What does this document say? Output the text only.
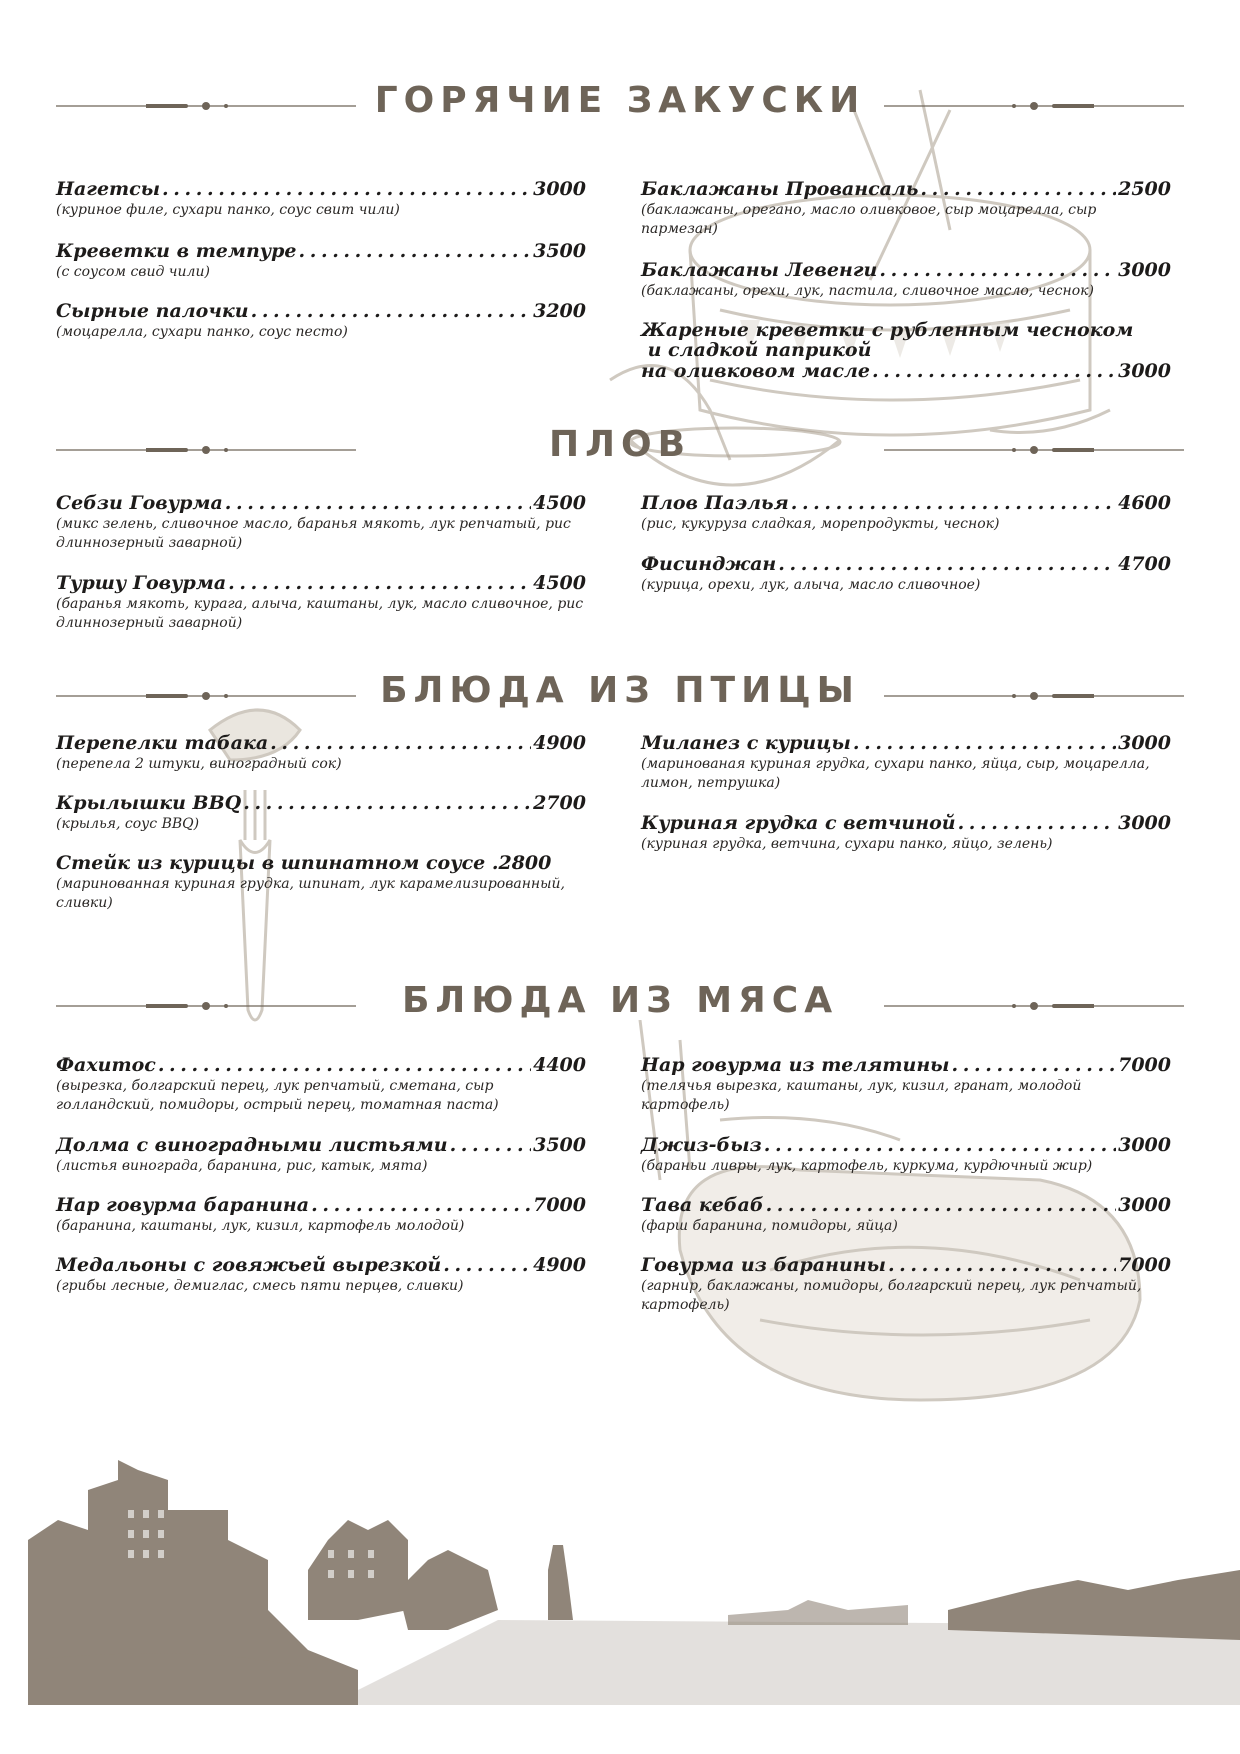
ГОРЯЧИЕ ЗАКУСКИ
Нагетсы . . .	3000
(куриное филе, сухари панко, соус свит чили)
Креветки в темпуре . . .	3500
(с соусом свид чили)
Сырные палочки . . .	3200
(моцарелла, сухари панко, соус песто)
Баклажаны Провансаль . . .	2500
(баклажаны, орегано, масло оливковое, сыр моцарелла, сыр пармезан)
Баклажаны Левенги . . .	3000
(баклажаны, орехи, лук, пастила, сливочное масло, чеснок)
Жареные креветки с рубленным чесноком
и сладкой паприкой
на оливковом масле . . .	3000
ПЛОВ
Себзи Говурма . . .	4500
(микс зелень, сливочное масло, баранья мякоть, лук репчатый, рис длиннозерный заварной)
Туршу Говурма . . .	4500
(баранья мякоть, курага, алыча, каштаны, лук, масло сливочное, рис длиннозерный заварной)
Плов Паэлья . . .	4600
(рис, кукуруза сладкая, морепродукты, чеснок)
Фисинджан . . .	4700
(курица, орехи, лук, алыча, масло сливочное)
БЛЮДА ИЗ ПТИЦЫ
Перепелки табака . . .	4900
(перепела 2 штуки, виноградный сок)
Крылышки BBQ . . .	2700
(крылья, соус BBQ)
Стейк из курицы в шпинатном соусе .2800
(маринованная куриная грудка, шпинат, лук карамелизированный, сливки)
Миланез с курицы . . .	3000
(маринованая куриная грудка, сухари панко, яйца, сыр, моцарелла, лимон, петрушка)
Куриная грудка с ветчиной . . .	3000
(куриная грудка, ветчина, сухари панко, яйцо, зелень)
БЛЮДА ИЗ МЯСА
Фахитос . . .	4400
(вырезка, болгарский перец, лук репчатый, сметана, сыр голландский, помидоры, острый перец, томатная паста)
Долма с виноградными листьями . . .	3500
(листья винограда, баранина, рис, катык, мята)
Нар говурма баранина . . .	7000
(баранина, каштаны, лук, кизил, картофель молодой)
Медальоны с говяжьей вырезкой . . .	4900
(грибы лесные, демиглас, смесь пяти перцев, сливки)
Нар говурма из телятины . . .	7000
(телячья вырезка, каштаны, лук, кизил, гранат, молодой картофель)
Джиз-быз . . .	3000
(бараньи ливры, лук, картофель, куркума, курдючный жир)
Тава кебаб . . .	3000
(фарш баранина, помидоры, яйца)
Говурма из баранины . . .	7000
(гарнир, баклажаны, помидоры, болгарский перец, лук репчатый, картофель)
